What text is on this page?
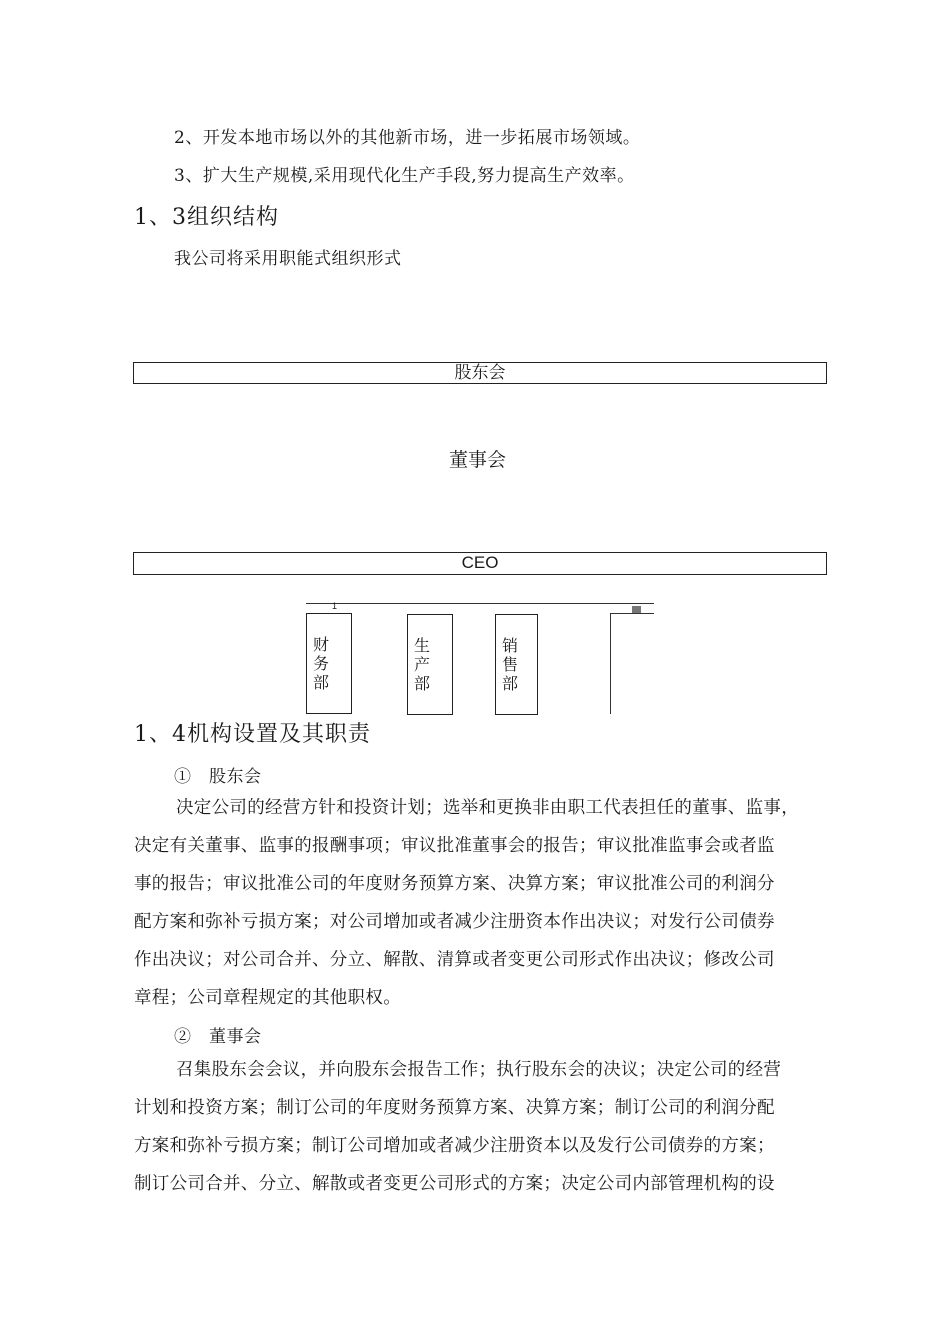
2、开发本地市场以外的其他新市场，进一步拓展市场领域。
3、扩大生产规模,采用现代化生产手段,努力提高生产效率。
1、3组织结构
我公司将采用职能式组织形式
股东会
董事会
CEO
1
财
务
部
生
产
部
销
售
部
1、4机构设置及其职责
①　股东会
决定公司的经营方针和投资计划；选举和更换非由职工代表担任的董事、监事，
决定有关董事、监事的报酬事项；审议批准董事会的报告；审议批准监事会或者监
事的报告；审议批准公司的年度财务预算方案、决算方案；审议批准公司的利润分
配方案和弥补亏损方案；对公司增加或者减少注册资本作出决议；对发行公司债券
作出决议；对公司合并、分立、解散、清算或者变更公司形式作出决议；修改公司
章程；公司章程规定的其他职权。
②　董事会
召集股东会会议，并向股东会报告工作；执行股东会的决议；决定公司的经营
计划和投资方案；制订公司的年度财务预算方案、决算方案；制订公司的利润分配
方案和弥补亏损方案；制订公司增加或者减少注册资本以及发行公司债券的方案；
制订公司合并、分立、解散或者变更公司形式的方案；决定公司内部管理机构的设
